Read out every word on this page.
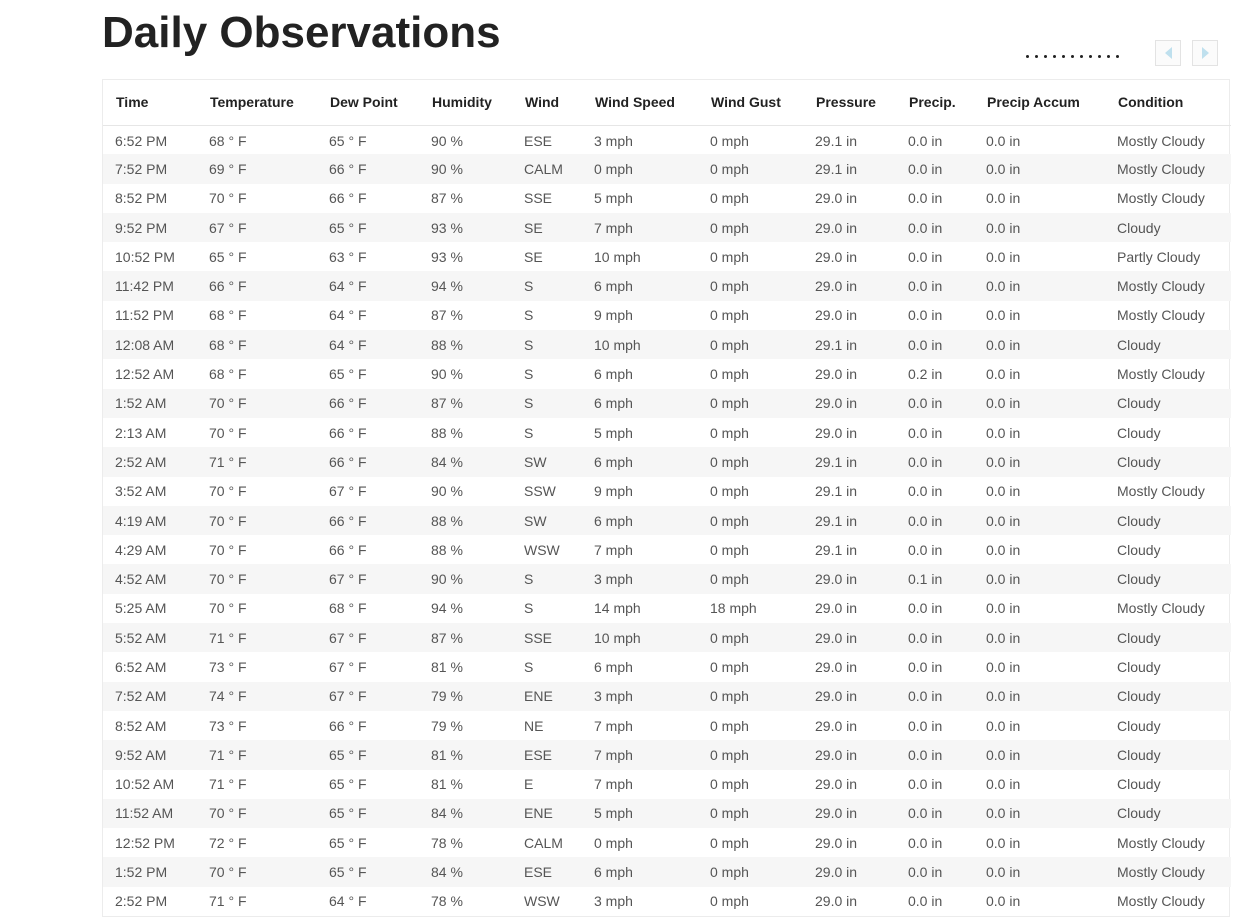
Daily Observations
Time	Temperature	Dew Point	Humidity	Wind	Wind Speed	Wind Gust	Pressure	Precip.	Precip Accum	Condition
6:52 PM	68 ° F	65 ° F	90 %	ESE	3 mph	0 mph	29.1 in	0.0 in	0.0 in	Mostly Cloudy
7:52 PM	69 ° F	66 ° F	90 %	CALM	0 mph	0 mph	29.1 in	0.0 in	0.0 in	Mostly Cloudy
8:52 PM	70 ° F	66 ° F	87 %	SSE	5 mph	0 mph	29.0 in	0.0 in	0.0 in	Mostly Cloudy
9:52 PM	67 ° F	65 ° F	93 %	SE	7 mph	0 mph	29.0 in	0.0 in	0.0 in	Cloudy
10:52 PM	65 ° F	63 ° F	93 %	SE	10 mph	0 mph	29.0 in	0.0 in	0.0 in	Partly Cloudy
11:42 PM	66 ° F	64 ° F	94 %	S	6 mph	0 mph	29.0 in	0.0 in	0.0 in	Mostly Cloudy
11:52 PM	68 ° F	64 ° F	87 %	S	9 mph	0 mph	29.0 in	0.0 in	0.0 in	Mostly Cloudy
12:08 AM	68 ° F	64 ° F	88 %	S	10 mph	0 mph	29.1 in	0.0 in	0.0 in	Cloudy
12:52 AM	68 ° F	65 ° F	90 %	S	6 mph	0 mph	29.0 in	0.2 in	0.0 in	Mostly Cloudy
1:52 AM	70 ° F	66 ° F	87 %	S	6 mph	0 mph	29.0 in	0.0 in	0.0 in	Cloudy
2:13 AM	70 ° F	66 ° F	88 %	S	5 mph	0 mph	29.0 in	0.0 in	0.0 in	Cloudy
2:52 AM	71 ° F	66 ° F	84 %	SW	6 mph	0 mph	29.1 in	0.0 in	0.0 in	Cloudy
3:52 AM	70 ° F	67 ° F	90 %	SSW	9 mph	0 mph	29.1 in	0.0 in	0.0 in	Mostly Cloudy
4:19 AM	70 ° F	66 ° F	88 %	SW	6 mph	0 mph	29.1 in	0.0 in	0.0 in	Cloudy
4:29 AM	70 ° F	66 ° F	88 %	WSW	7 mph	0 mph	29.1 in	0.0 in	0.0 in	Cloudy
4:52 AM	70 ° F	67 ° F	90 %	S	3 mph	0 mph	29.0 in	0.1 in	0.0 in	Cloudy
5:25 AM	70 ° F	68 ° F	94 %	S	14 mph	18 mph	29.0 in	0.0 in	0.0 in	Mostly Cloudy
5:52 AM	71 ° F	67 ° F	87 %	SSE	10 mph	0 mph	29.0 in	0.0 in	0.0 in	Cloudy
6:52 AM	73 ° F	67 ° F	81 %	S	6 mph	0 mph	29.0 in	0.0 in	0.0 in	Cloudy
7:52 AM	74 ° F	67 ° F	79 %	ENE	3 mph	0 mph	29.0 in	0.0 in	0.0 in	Cloudy
8:52 AM	73 ° F	66 ° F	79 %	NE	7 mph	0 mph	29.0 in	0.0 in	0.0 in	Cloudy
9:52 AM	71 ° F	65 ° F	81 %	ESE	7 mph	0 mph	29.0 in	0.0 in	0.0 in	Cloudy
10:52 AM	71 ° F	65 ° F	81 %	E	7 mph	0 mph	29.0 in	0.0 in	0.0 in	Cloudy
11:52 AM	70 ° F	65 ° F	84 %	ENE	5 mph	0 mph	29.0 in	0.0 in	0.0 in	Cloudy
12:52 PM	72 ° F	65 ° F	78 %	CALM	0 mph	0 mph	29.0 in	0.0 in	0.0 in	Mostly Cloudy
1:52 PM	70 ° F	65 ° F	84 %	ESE	6 mph	0 mph	29.0 in	0.0 in	0.0 in	Mostly Cloudy
2:52 PM	71 ° F	64 ° F	78 %	WSW	3 mph	0 mph	29.0 in	0.0 in	0.0 in	Mostly Cloudy
